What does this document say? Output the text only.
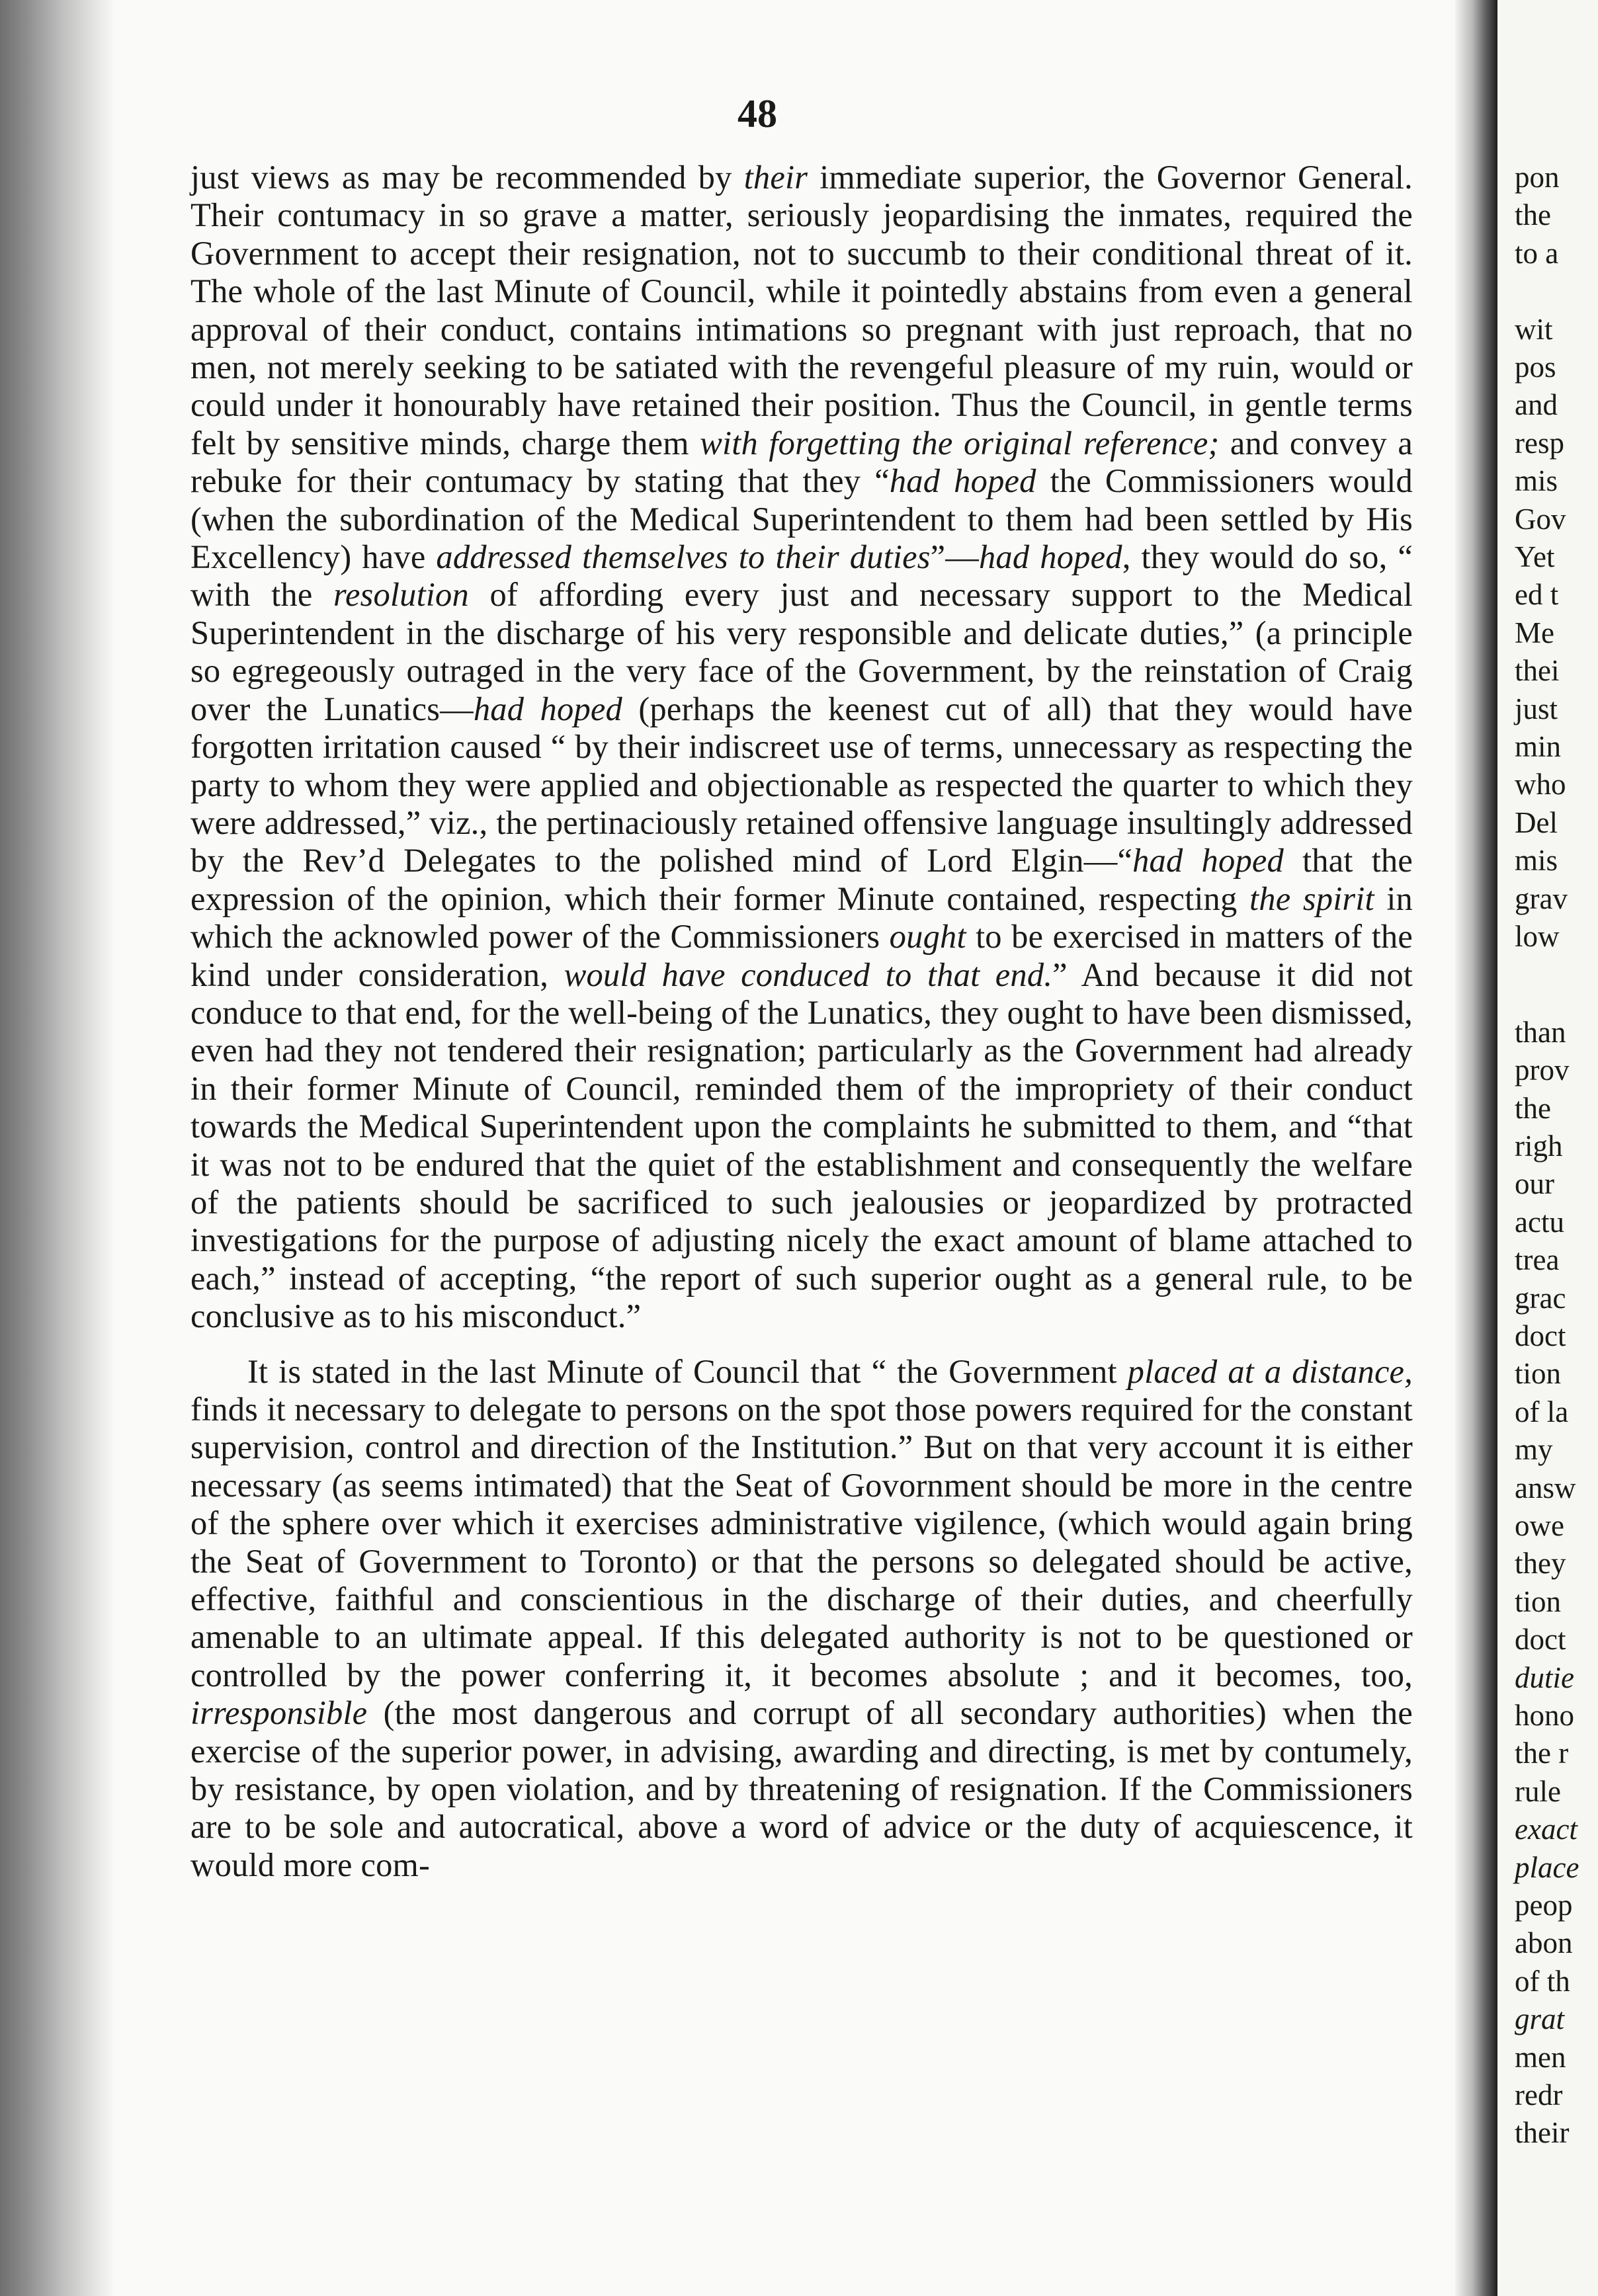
48

just views as may be recommended by their immediate superior, the Governor General. Their contumacy in so grave a matter, seriously jeopardising the inmates, required the Government to accept their resignation, not to succumb to their conditional threat of it. The whole of the last Minute of Council, while it pointedly abstains from even a general approval of their conduct, contains intimations so pregnant with just reproach, that no men, not merely seeking to be satiated with the revengeful pleasure of my ruin, would or could under it honourably have retained their position. Thus the Council, in gentle terms felt by sensitive minds, charge them with forgetting the original reference; and convey a rebuke for their contumacy by stating that they “had hoped the Commissioners would (when the subordination of the Medical Superintendent to them had been settled by His Excellency) have addressed themselves to their duties”—had hoped, they would do so, “ with the resolution of affording every just and necessary support to the Medical Superintendent in the discharge of his very responsible and delicate duties,” (a principle so egregeously outraged in the very face of the Government, by the reinstation of Craig over the Lunatics—had hoped (perhaps the keenest cut of all) that they would have forgotten irritation caused “ by their indiscreet use of terms, unnecessary as respecting the party to whom they were applied and objectionable as respected the quarter to which they were addressed,” viz., the pertinaciously retained offensive language insultingly addressed by the Rev’d Delegates to the polished mind of Lord Elgin—“had hoped that the expression of the opinion, which their former Minute contained, respecting the spirit in which the acknowled power of the Commissioners ought to be exercised in matters of the kind under consideration, would have conduced to that end.” And because it did not conduce to that end, for the well-being of the Lunatics, they ought to have been dismissed, even had they not tendered their resignation; particularly as the Government had already in their former Minute of Council, reminded them of the impropriety of their conduct towards the Medical Superintendent upon the complaints he submitted to them, and “that it was not to be endured that the quiet of the establishment and consequently the welfare of the patients should be sacrificed to such jealousies or jeopardized by protracted investigations for the purpose of adjusting nicely the exact amount of blame attached to each,” instead of accepting, “the report of such superior ought as a general rule, to be conclusive as to his misconduct.”

It is stated in the last Minute of Council that “ the Government placed at a distance, finds it necessary to delegate to persons on the spot those powers required for the constant supervision, control and direction of the Institution.” But on that very account it is either necessary (as seems intimated) that the Seat of Govornment should be more in the centre of the sphere over which it exercises administrative vigilence, (which would again bring the Seat of Government to Toronto) or that the persons so delegated should be active, effective, faithful and conscientious in the discharge of their duties, and cheerfully amenable to an ultimate appeal. If this delegated authority is not to be questioned or controlled by the power conferring it, it becomes absolute ; and it becomes, too, irresponsible (the most dangerous and corrupt of all secondary authorities) when the exercise of the superior power, in advising, awarding and directing, is met by contumely, by resistance, by open violation, and by threatening of resignation. If the Commissioners are to be sole and autocratical, above a word of advice or the duty of acquiescence, it would more com-

pon
the
to a
wit
pos
and
resp
mis
Gov
Yet
ed t
Me
thei
just
min
who
Del
mis
grav
low
than
prov
the
righ
our
actu
trea
grac
doct
tion
of la
my
answ
owe
they
tion
doct
dutie
hono
the r
rule
exact
place
peop
abon
of th
grat
men
redr
their
